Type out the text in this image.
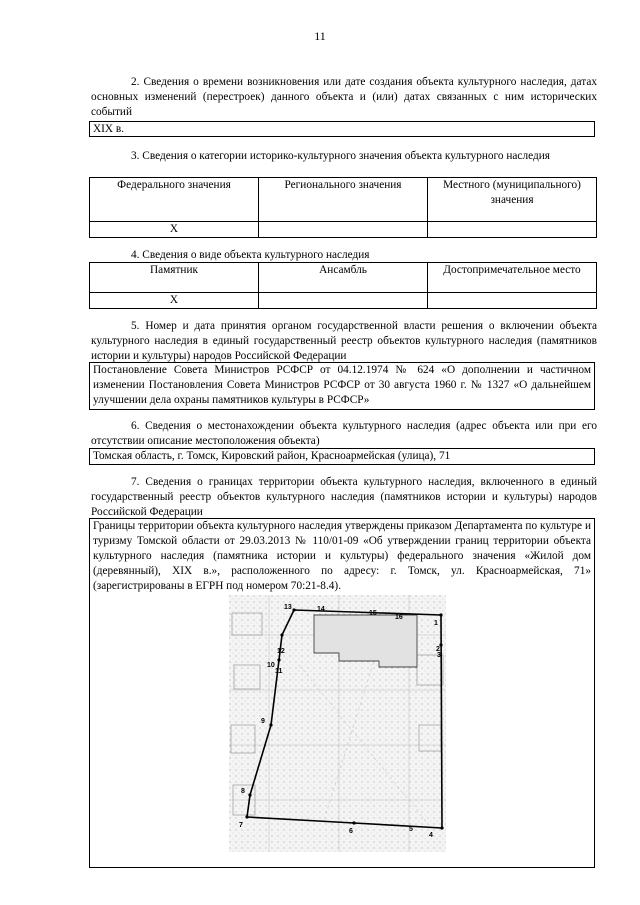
11
2. Сведения о времени возникновения или дате создания объекта культурного наследия, датах основных изменений (перестроек) данного объекта и (или) датах связанных с ним исторических событий
XIX в.
3. Сведения о категории историко-культурного значения объекта культурного наследия
Федерального значения	Регионального значения	Местного (муниципального) значения
X		
4. Сведения о виде объекта культурного наследия
Памятник	Ансамбль	Достопримечательное место
X		
5. Номер и дата принятия органом государственной власти решения о включении объекта культурного наследия в единый государственный реестр объектов культурного наследия (памятников истории и культуры) народов Российской Федерации
Постановление Совета Министров РСФСР от 04.12.1974 № 624 «О дополнении и частичном изменении Постановления Совета Министров РСФСР от 30 августа 1960 г. № 1327 «О дальнейшем улучшении дела охраны памятников культуры в РСФСР»
6. Сведения о местонахождении объекта культурного наследия (адрес объекта или при его отсутствии описание местоположения объекта)
Томская область, г. Томск, Кировский район, Красноармейская (улица), 71
7. Сведения о границах территории объекта культурного наследия, включенного в единый государственный реестр объектов культурного наследия (памятников истории и культуры) народов Российской Федерации
Границы территории объекта культурного наследия утверждены приказом Департамента по культуре и туризму Томской области от 29.03.2013 № 110/01-09 «Об утверждении границ территории объекта культурного наследия (памятника истории и культуры) федерального значения «Жилой дом (деревянный), XIX в.», расположенного по адресу: г. Томск, ул. Красноармейская, 71» (зарегистрированы в ЕГРН под номером 70:21-8.4).
1
2
3
4
5
6
7
8
9
10
11
12
13	14
15
16
